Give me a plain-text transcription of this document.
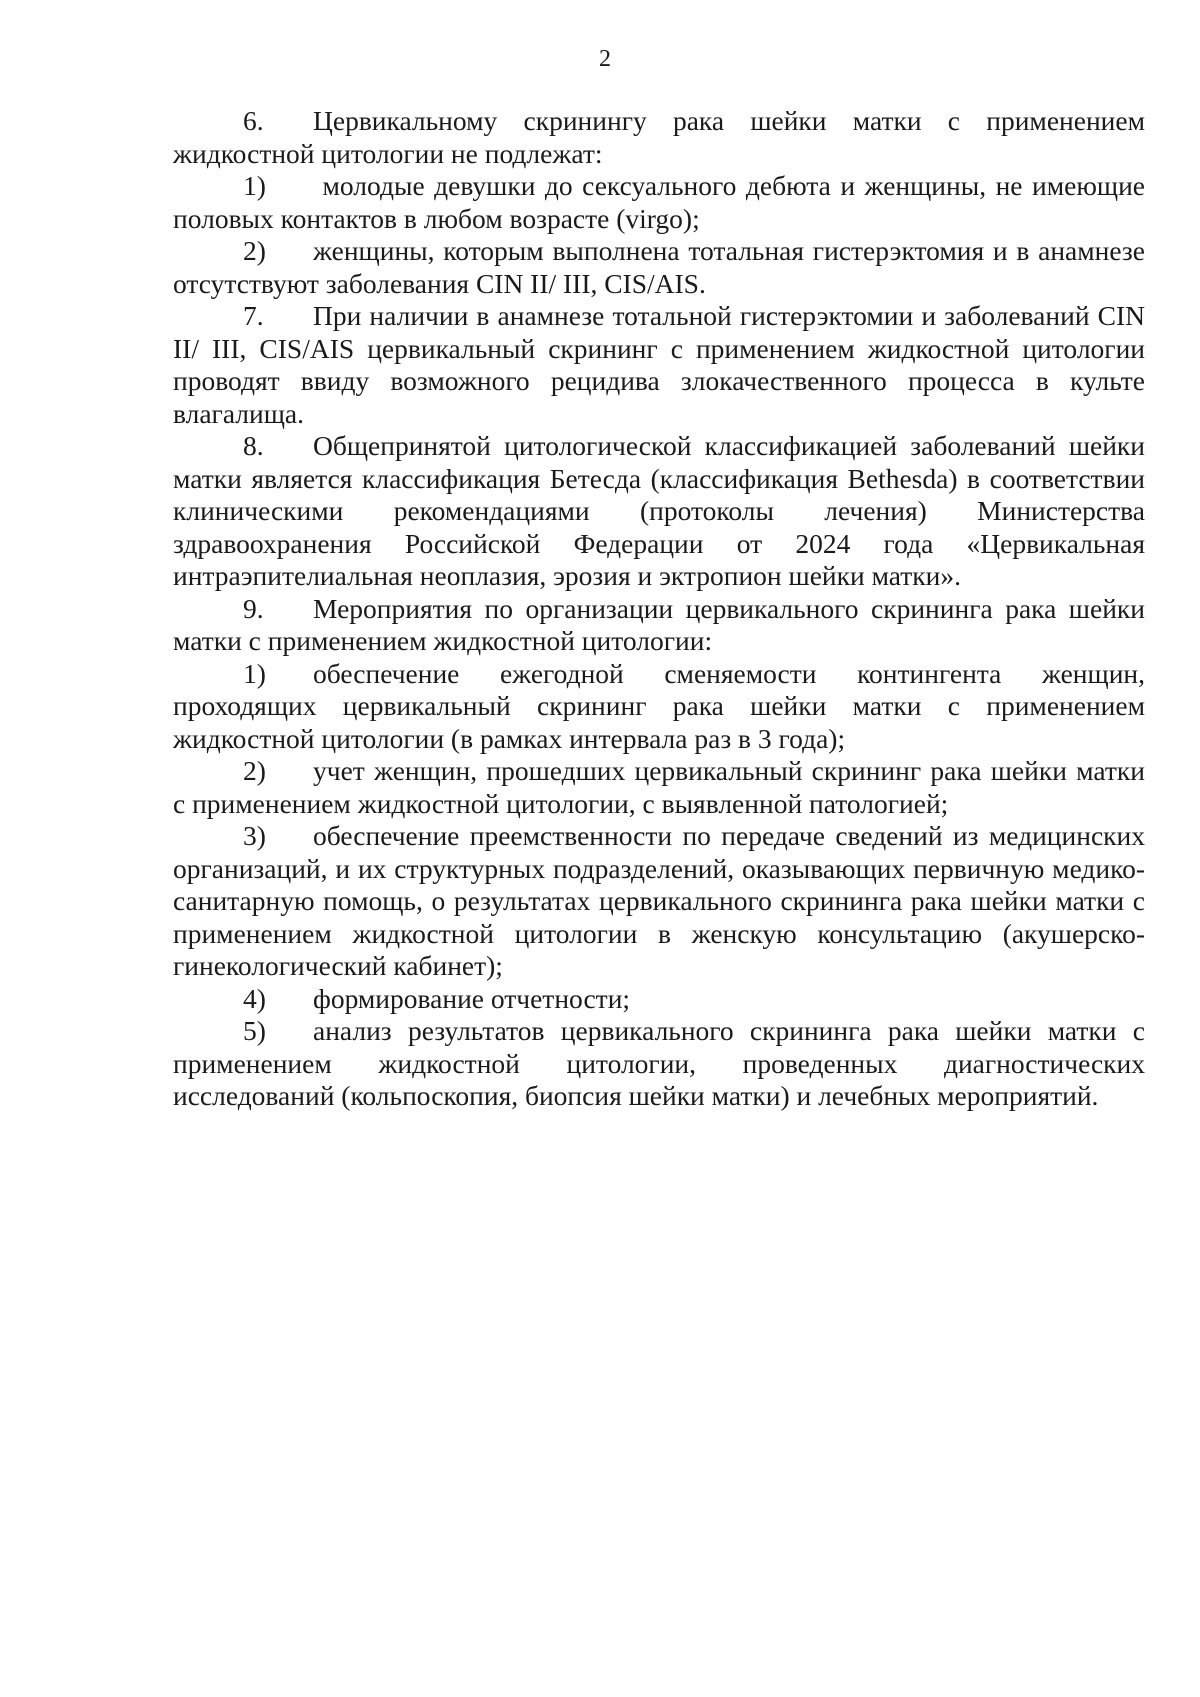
2

6. Цервикальному скринингу рака шейки матки с применением жидкостной цитологии не подлежат:

1) молодые девушки до сексуального дебюта и женщины, не имеющие половых контактов в любом возрасте (virgo);

2) женщины, которым выполнена тотальная гистерэктомия и в анамнезе отсутствуют заболевания CIN II/ III, CIS/AIS.

7. При наличии в анамнезе тотальной гистерэктомии и заболеваний CIN II/ III, CIS/AIS цервикальный скрининг с применением жидкостной цитологии проводят ввиду возможного рецидива злокачественного процесса в культе влагалища.

8. Общепринятой цитологической классификацией заболеваний шейки матки является классификация Бетесда (классификация Bethesda) в соответствии клиническими рекомендациями (протоколы лечения) Министерства здравоохранения Российской Федерации от 2024 года «Цервикальная интраэпителиальная неоплазия, эрозия и эктропион шейки матки».

9. Мероприятия по организации цервикального скрининга рака шейки матки с применением жидкостной цитологии:

1) обеспечение ежегодной сменяемости контингента женщин, проходящих цервикальный скрининг рака шейки матки с применением жидкостной цитологии (в рамках интервала раз в 3 года);

2) учет женщин, прошедших цервикальный скрининг рака шейки матки с применением жидкостной цитологии, с выявленной патологией;

3) обеспечение преемственности по передаче сведений из медицинских организаций, и их структурных подразделений, оказывающих первичную медико-санитарную помощь, о результатах цервикального скрининга рака шейки матки с применением жидкостной цитологии в женскую консультацию (акушерско-гинекологический кабинет);

4) формирование отчетности;

5) анализ результатов цервикального скрининга рака шейки матки с применением жидкостной цитологии, проведенных диагностических исследований (кольпоскопия, биопсия шейки матки) и лечебных мероприятий.
